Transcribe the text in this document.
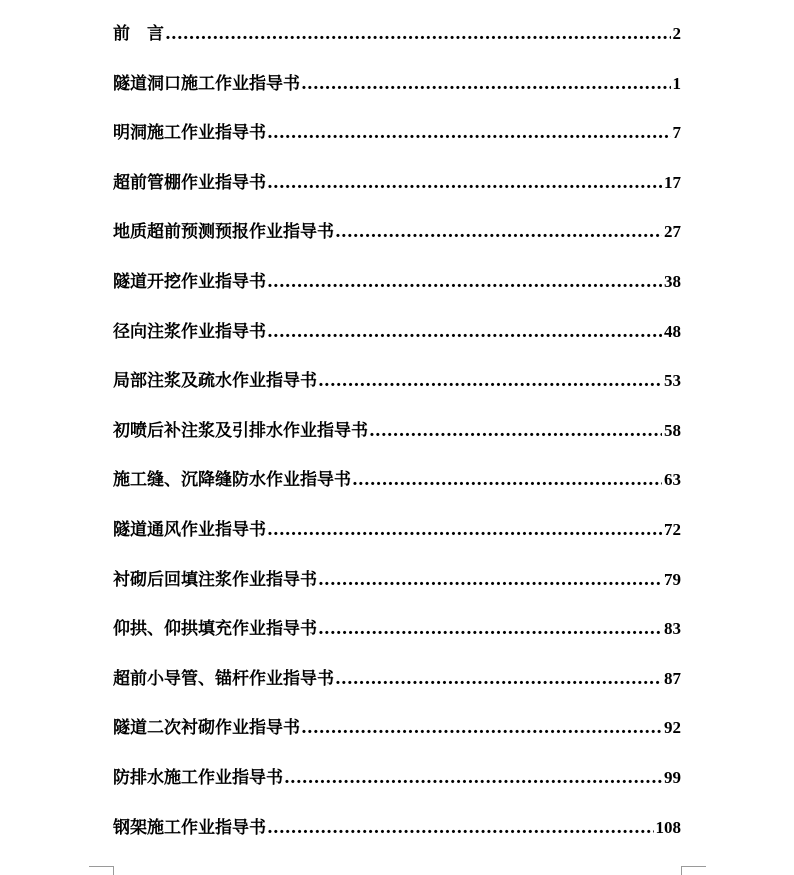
前　言 .....	2
隧道洞口施工作业指导书 .....	1
明洞施工作业指导书 .....	7
超前管棚作业指导书 .....	17
地质超前预测预报作业指导书 .....	27
隧道开挖作业指导书 .....	38
径向注浆作业指导书 .....	48
局部注浆及疏水作业指导书 .....	53
初喷后补注浆及引排水作业指导书 .....	58
施工缝、沉降缝防水作业指导书 .....	63
隧道通风作业指导书 .....	72
衬砌后回填注浆作业指导书 .....	79
仰拱、仰拱填充作业指导书 .....	83
超前小导管、锚杆作业指导书 .....	87
隧道二次衬砌作业指导书 .....	92
防排水施工作业指导书 .....	99
钢架施工作业指导书 .....	108
